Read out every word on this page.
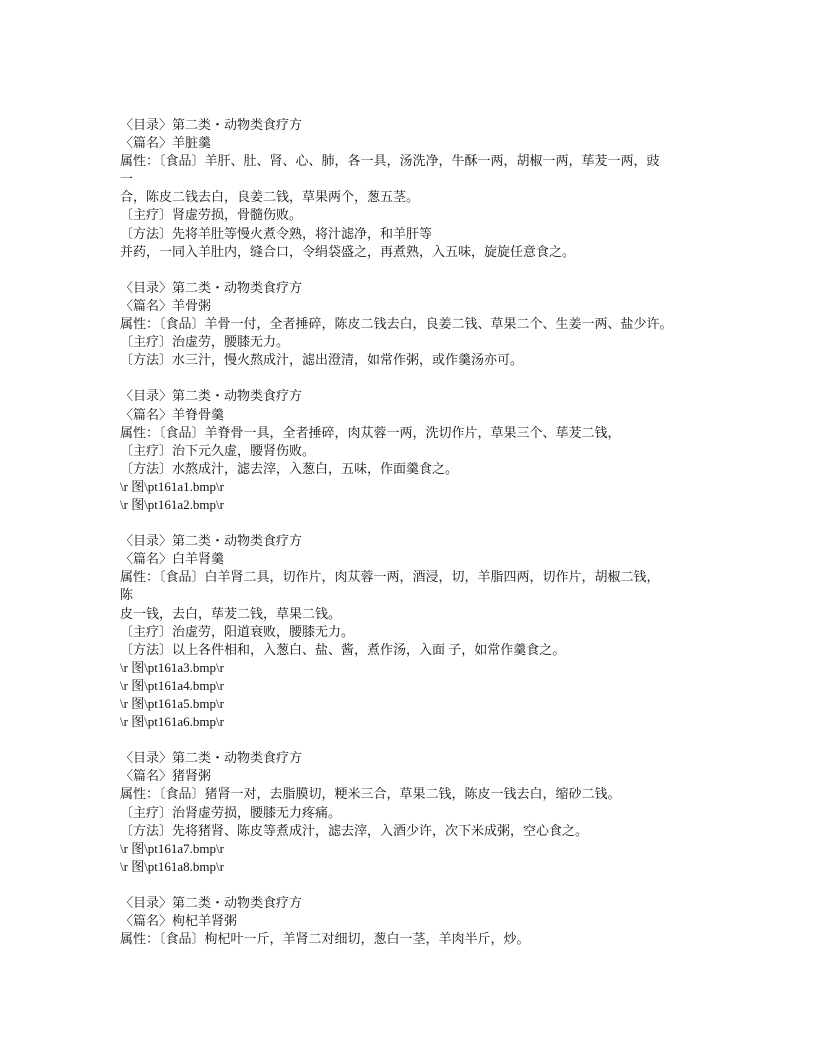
〈目录〉第二类・动物类食疗方
〈篇名〉羊脏羹
属性：〔食品〕羊肝、肚、肾、心、肺，各一具，汤洗净，牛酥一两，胡椒一两，荜茇一两，豉
一
合，陈皮二钱去白，良姜二钱，草果两个，葱五茎。
〔主疗〕肾虚劳损，骨髓伤败。
〔方法〕先将羊肚等慢火煮令熟，将汁滤净，和羊肝等
并药，一同入羊肚内，缝合口，令绢袋盛之，再煮熟，入五味，旋旋任意食之。
〈目录〉第二类・动物类食疗方
〈篇名〉羊骨粥
属性：〔食品〕羊骨一付，全者捶碎，陈皮二钱去白，良姜二钱、草果二个、生姜一两、盐少许。
〔主疗〕治虚劳，腰膝无力。
〔方法〕水三汁，慢火熬成汁，滤出澄清，如常作粥，或作羹汤亦可。
〈目录〉第二类・动物类食疗方
〈篇名〉羊脊骨羹
属性：〔食品〕羊脊骨一具，全者捶碎，肉苁蓉一两，洗切作片，草果三个、荜茇二钱，
〔主疗〕治下元久虚，腰肾伤败。
〔方法〕水熬成汁，滤去滓，入葱白，五味，作面羹食之。
\r 图\pt161a1.bmp\r
\r 图\pt161a2.bmp\r
〈目录〉第二类・动物类食疗方
〈篇名〉白羊肾羹
属性：〔食品〕白羊肾二具，切作片，肉苁蓉一两，酒浸，切，羊脂四两，切作片，胡椒二钱，
陈
皮一钱，去白，荜茇二钱，草果二钱。
〔主疗〕治虚劳，阳道衰败，腰膝无力。
〔方法〕以上各件相和，入葱白、盐、酱，煮作汤，入面 子，如常作羹食之。
\r 图\pt161a3.bmp\r
\r 图\pt161a4.bmp\r
\r 图\pt161a5.bmp\r
\r 图\pt161a6.bmp\r
〈目录〉第二类・动物类食疗方
〈篇名〉猪肾粥
属性：〔食品〕猪肾一对，去脂膜切，粳米三合，草果二钱，陈皮一钱去白，缩砂二钱。
〔主疗〕治肾虚劳损，腰膝无力疼痛。
〔方法〕先将猪肾、陈皮等煮成汁，滤去滓，入酒少许，次下米成粥，空心食之。
\r 图\pt161a7.bmp\r
\r 图\pt161a8.bmp\r
〈目录〉第二类・动物类食疗方
〈篇名〉枸杞羊肾粥
属性：〔食品〕枸杞叶一斤，羊肾二对细切，葱白一茎，羊肉半斤，炒。
